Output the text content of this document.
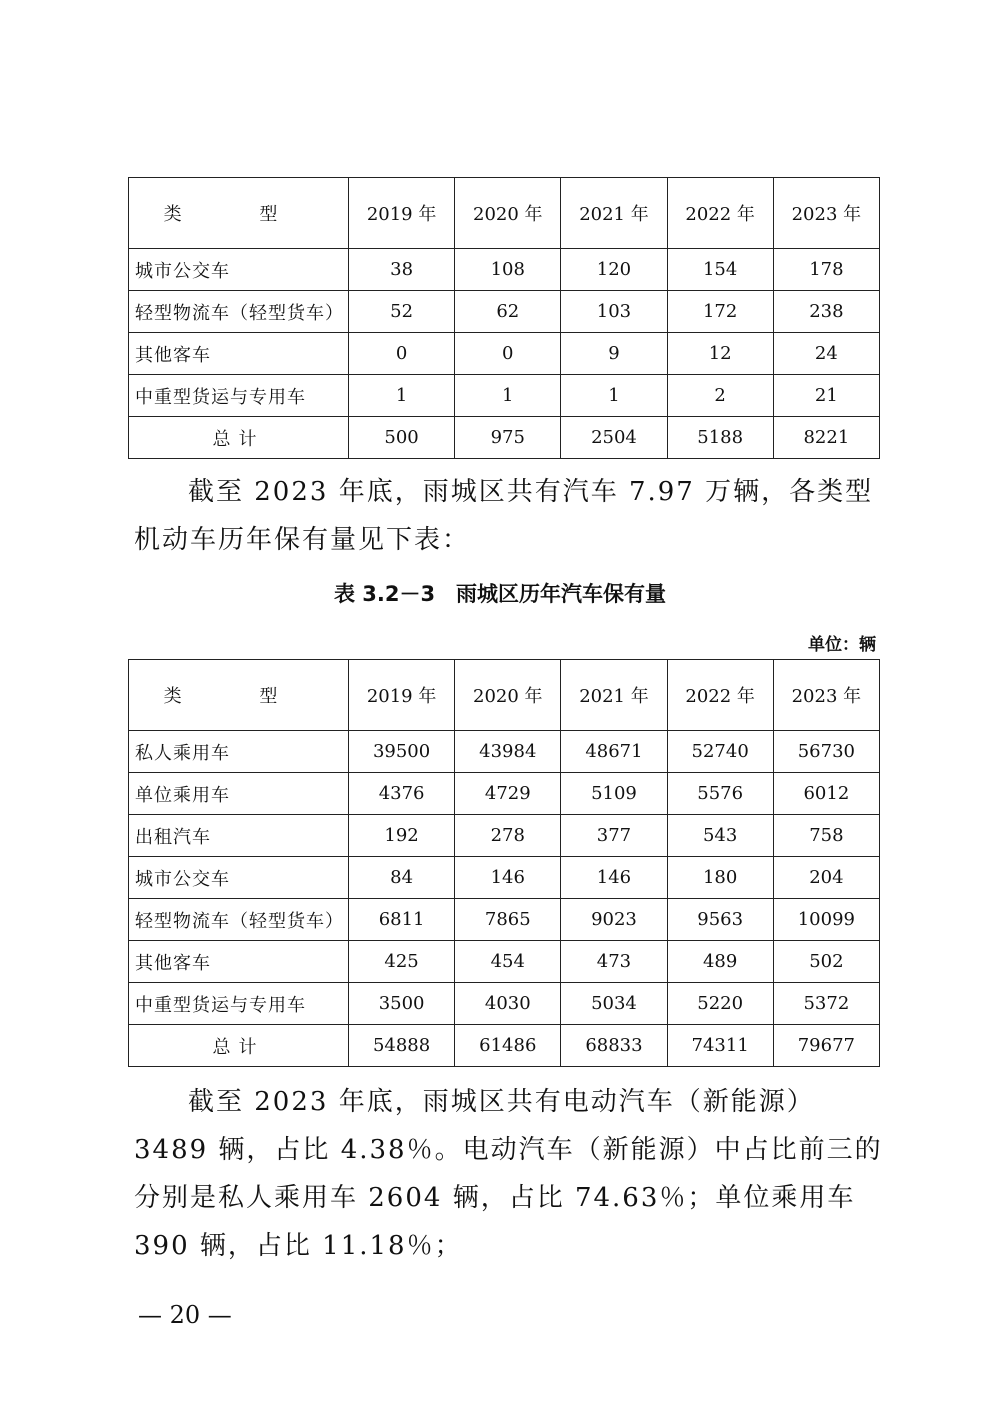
类 型	2019 年	2020 年	2021 年	2022 年	2023 年
城市公交车	38	108	120	154	178
轻型物流车（轻型货车）	52	62	103	172	238
其他客车	0	0	9	12	24
中重型货运与专用车	1	1	1	2	21
总计	500	975	2504	5188	8221

截至 2023 年底，雨城区共有汽车 7.97 万辆，各类型机动车历年保有量见下表：

表 3.2－3　雨城区历年汽车保有量

单位：辆

类 型	2019 年	2020 年	2021 年	2022 年	2023 年
私人乘用车	39500	43984	48671	52740	56730
单位乘用车	4376	4729	5109	5576	6012
出租汽车	192	278	377	543	758
城市公交车	84	146	146	180	204
轻型物流车（轻型货车）	6811	7865	9023	9563	10099
其他客车	425	454	473	489	502
中重型货运与专用车	3500	4030	5034	5220	5372
总计	54888	61486	68833	74311	79677

截至 2023 年底，雨城区共有电动汽车（新能源）3489 辆，占比 4.38％。电动汽车（新能源）中占比前三的分别是私人乘用车 2604 辆，占比 74.63％；单位乘用车 390 辆，占比 11.18％；

— 20 —
